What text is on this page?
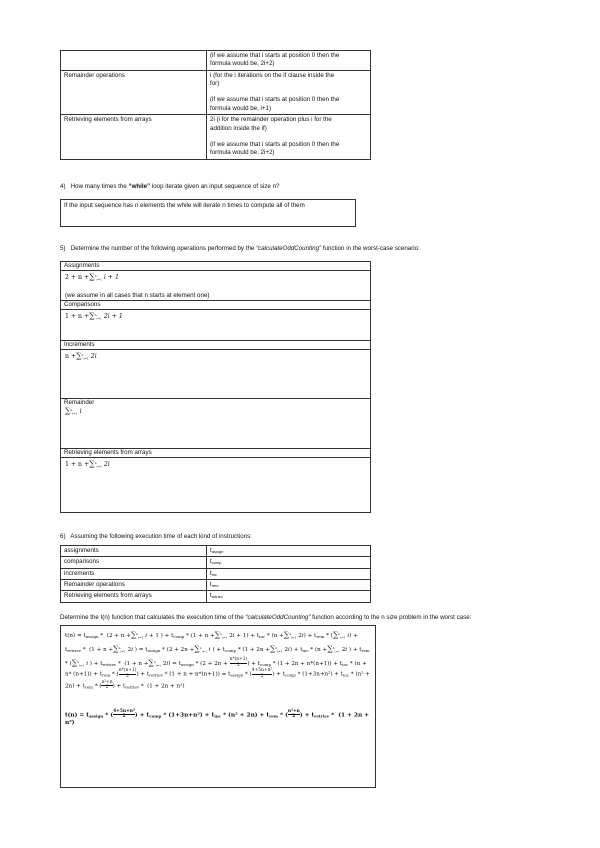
	(if we assume that i starts at position 0 then the

formula would be, 2i+2)

Remainder operations	i (for the i iterations on the if clause inside the

for)

(if we assume that i starts at position 0 then the

formula would be, i+1)

Retrieving elements from arrays	2i (i for the remainder operation plus i for the

addition inside the if)

(if we assume that i starts at position 0 then the

formula would be, 2i+2)

4) How many times the “while” loop iterate given an input sequence of size n?
If the input sequence has n elements the while will iterate n times to compute all of them
5) Determine the number of the following operations performed by the “calculateOddCounting” function in the worst-case scenario:
Assignments
2 + n +∑$^n_{i=1}$ i + 1
(we assume in all cases that n starts at element one)
Comparisons
1 + n +∑$^n_{i=1}$ 2i + 1
Increments
n +∑$^n_{i=1}$ 2i
Remainder
∑$^n_{i=1}$ i
Retrieving elements from arrays
1 + n +∑$^n_{i=1}$ 2i
6) Assuming the following execution time of each kind of instructions:
assignments	$t_{assign}$
comparisons	$t_{comp}$
increments	$t_{inc}$
Remainder operations	$t_{rem}$
Retrieving elements from arrays	$t_{retriev}$
Determine the t(n) function that calculates the execution time of the “calculateOddCounting” function according to the n size problem in the worst case:
$t(n) = t_{assign} * (2 + n +\sum^n_{i=1}$ i + 1 ) + $t_{comp} * (1 + n +\sum^n_{i=1}$ $2i + 1) + t_{inc} * (n +\sum^n_{i=1}$ $2i) + t_{rem} * (\sum^n_{i=1}$ $i) + t_{retriev} * (1 + n +\sum^n_{i=1}$ 2i ) = $t_{assign} * (2 + 2n +\sum^n_{i=1}$ i ) + $t_{comp} * (1 + 2n +\sum^n_{i=1}$ $2i) + t_{inc} * (n +\sum^n_{i=1}$ 2i ) + $t_{rem} * (\sum^n_{i=1}$ i ) + $t_{retriev} * (1 + n +\sum^n_{i=1}$ $2i) = t_{assign} * (2 + 2n + \frac{n*(n+1)}{2}$ ) + $t_{comp} * (1 + 2n + n*(n+1)) + t_{inc} * (n + n*$ $(n+1)) + t_{rem}$ * ( $\frac{n*(n+1)}{2}$ ) + $t_{retriev} * (1 + n + n*(n+1)) = t_{assign}$ * ( $\frac{\text{4+5n+n²}}{2}$ ) + $t_{comp} * (1+3n+n^2) + t_{inc} * (n^2 + 2n) + t_{rem}$ * ( $\frac{\text{n²+n}}{2}$ ) + $t_{retriev} * (1 + 2n + n^2)$
$t(n) = t_{assign}$ * ( $\frac{\text{4+5n+n²}}{2}$ ) + $t_{comp} * (1+3n+n^2) + t_{inc} * (n^2 + 2n) + t_{rem}$ * ( $\frac{\text{n²+n}}{2}$ ) + $t_{retriev} * (1 + 2n + n^2)$
